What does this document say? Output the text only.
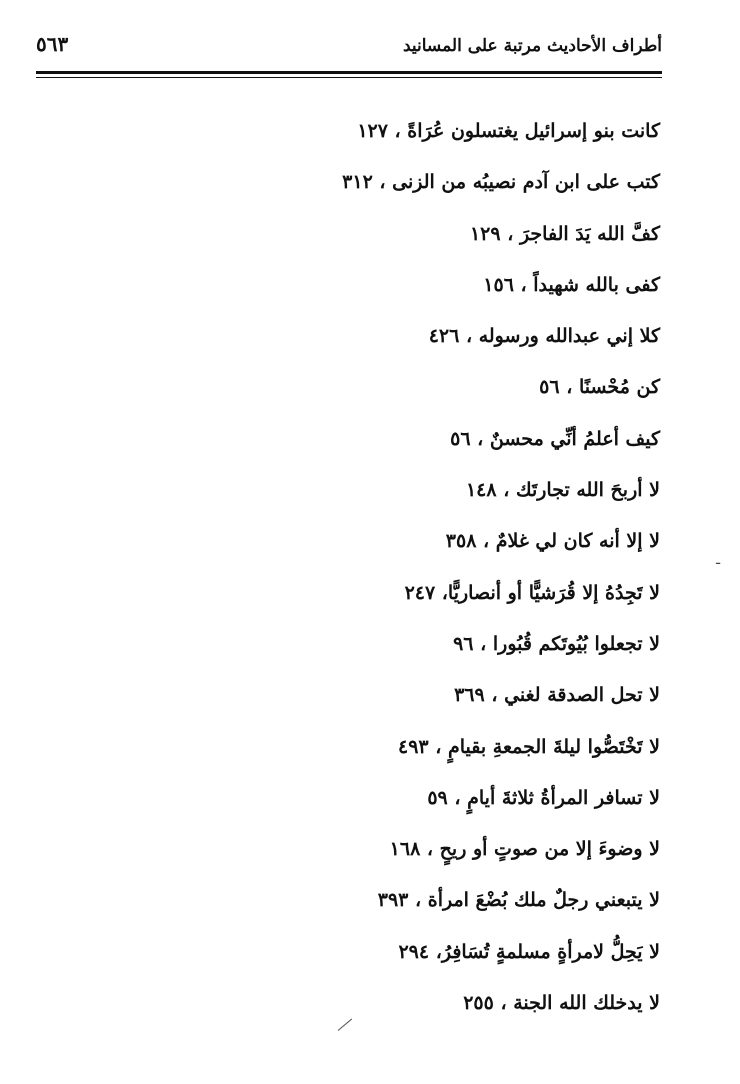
أطراف الأحاديث مرتبة على المسانيد
٥٦٣
كانت بنو إسرائيل يغتسلون عُرَاةً ، ١٢٧
كتب على ابن آدم نصيبُه من الزنى ، ٣١٢
كفَّ الله يَدَ الفاجرَ ، ١٢٩
كفى بالله شهيداً ، ١٥٦
كلا إني عبدالله ورسوله ، ٤٢٦
كن مُحْسنًا ، ٥٦
كيف أعلمُ أنِّي محسنٌ ، ٥٦
لا أربحَ الله تجارتَك ، ١٤٨
لا إلا أنه كان لي غلامٌ ، ٣٥٨
لا تَجِدُهُ إلا قُرَشيًّا أو أنصاريًّا، ٢٤٧
لا تجعلوا بُيُوتَكم قُبُورا ، ٩٦
لا تحل الصدقة لغني ، ٣٦٩
لا تَخْتَصُّوا ليلةَ الجمعةِ بقيامٍ ، ٤٩٣
لا تسافر المرأةُ ثلاثةَ أيامٍ ، ٥٩
لا وضوءَ إلا من صوتٍ أو ريحٍ ، ١٦٨
لا يتبعني رجلٌ ملك بُضْعَ امرأة ، ٣٩٣
لا يَحِلُّ لامرأةٍ مسلمةٍ تُسَافِرُ، ٢٩٤
لا يدخلك الله الجنة ، ٢٥٥
ـ
